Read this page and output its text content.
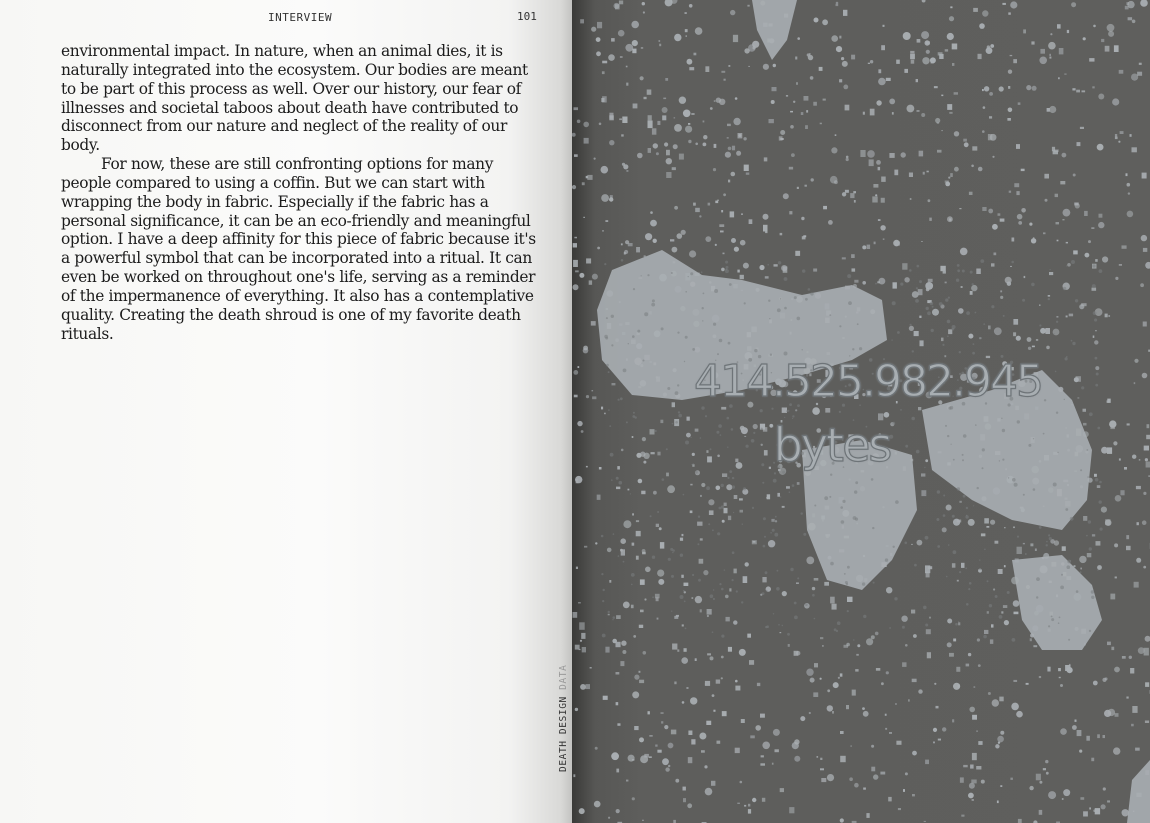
INTERVIEW	101

environmental impact. In nature, when an animal dies, it is naturally integrated into the ecosystem. Our bodies are meant to be part of this process as well. Over our history, our fear of illnesses and societal taboos about death have contributed to disconnect from our nature and neglect of the reality of our body.

For now, these are still confronting options for many people compared to using a coffin. But we can start with wrapping the body in fabric. Especially if the fabric has a personal significance, it can be an eco-friendly and meaningful option. I have a deep affinity for this piece of fabric because it's a powerful symbol that can be incorporated into a ritual. It can even be worked on throughout one's life, serving as a reminder of the impermanence of everything. It also has a contemplative quality. Creating the death shroud is one of my favorite death rituals.

DEATH DESIGN DATA
414.525.982.945
bytes
